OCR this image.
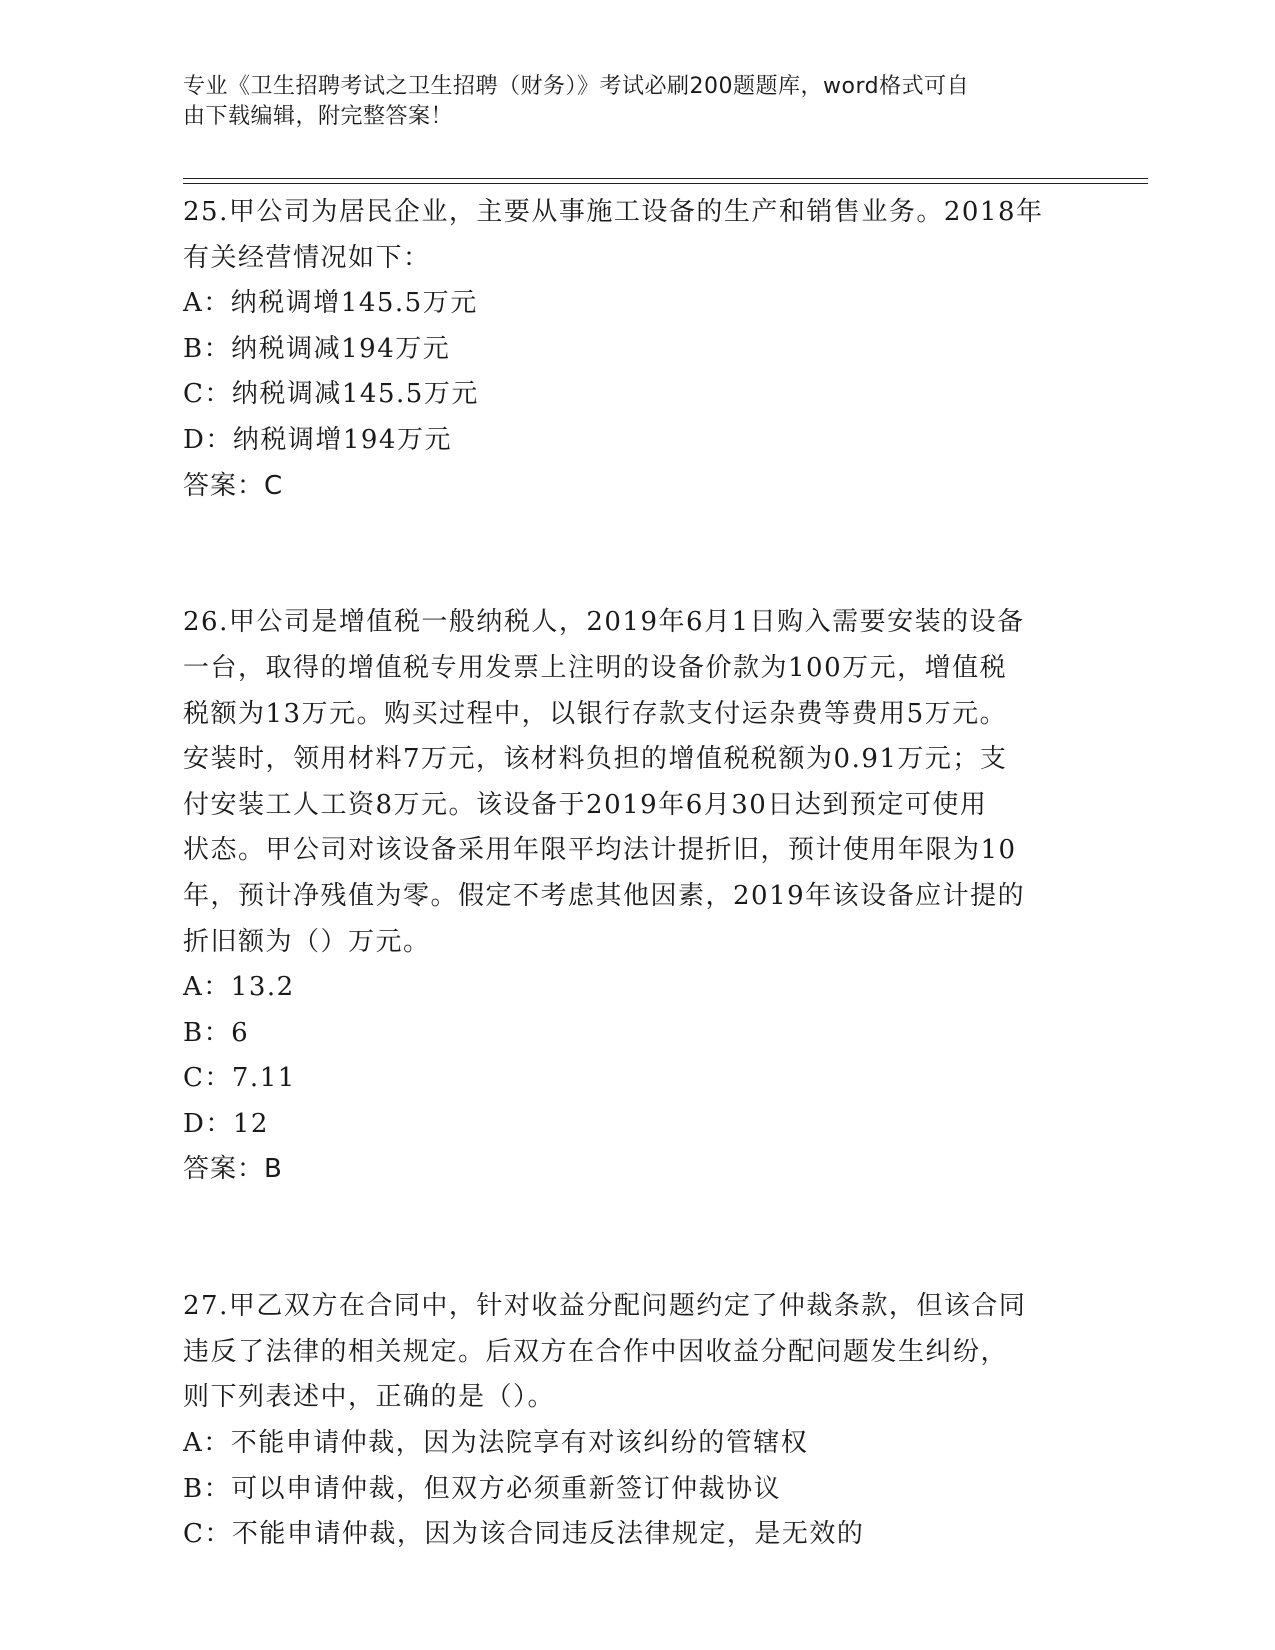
专业《卫生招聘考试之卫生招聘（财务）》考试必刷200题题库，word格式可自
由下载编辑，附完整答案！
25.甲公司为居民企业，主要从事施工设备的生产和销售业务。2018年
有关经营情况如下：
A：纳税调增145.5万元
B：纳税调减194万元
C：纳税调减145.5万元
D：纳税调增194万元
答案：C
26.甲公司是增值税一般纳税人，2019年6月1日购入需要安装的设备
一台，取得的增值税专用发票上注明的设备价款为100万元，增值税
税额为13万元。购买过程中，以银行存款支付运杂费等费用5万元。
安装时，领用材料7万元，该材料负担的增值税税额为0.91万元；支
付安装工人工资8万元。该设备于2019年6月30日达到预定可使用
状态。甲公司对该设备采用年限平均法计提折旧，预计使用年限为10
年，预计净残值为零。假定不考虑其他因素，2019年该设备应计提的
折旧额为（）万元。
A：13.2
B：6
C：7.11
D：12
答案：B
27.甲乙双方在合同中，针对收益分配问题约定了仲裁条款，但该合同
违反了法律的相关规定。后双方在合作中因收益分配问题发生纠纷，
则下列表述中，正确的是（）。
A：不能申请仲裁，因为法院享有对该纠纷的管辖权
B：可以申请仲裁，但双方必须重新签订仲裁协议
C：不能申请仲裁，因为该合同违反法律规定，是无效的
